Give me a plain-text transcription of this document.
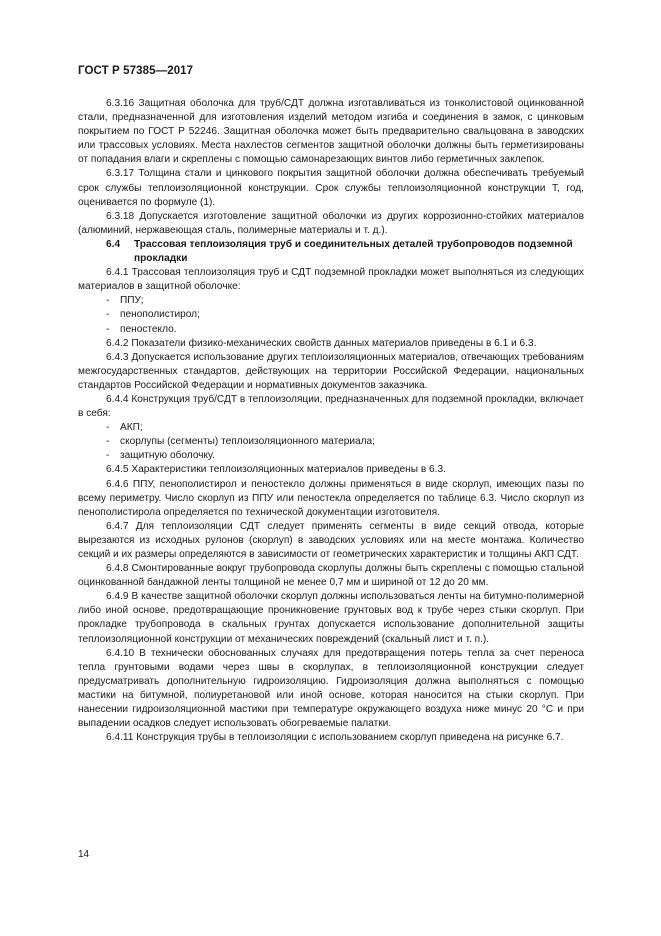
ГОСТ Р 57385—2017

6.3.16 Защитная оболочка для труб/СДТ должна изготавливаться из тонколистовой оцинкованной стали, предназначенной для изготовления изделий методом изгиба и соединения в замок, с цинковым покрытием по ГОСТ Р 52246. Защитная оболочка может быть предварительно свальцована в заводских или трассовых условиях. Места нахлестов сегментов защитной оболочки должны быть герметизированы от попадания влаги и скреплены с помощью самонарезающих винтов либо герметичных заклепок.

6.3.17 Толщина стали и цинкового покрытия защитной оболочки должна обеспечивать требуемый срок службы теплоизоляционной конструкции. Срок службы теплоизоляционной конструкции Т, год, оценивается по формуле (1).

6.3.18 Допускается изготовление защитной оболочки из других коррозионно-стойких материалов (алюминий, нержавеющая сталь, полимерные материалы и т. д.).

6.4 Трассовая теплоизоляция труб и соединительных деталей трубопроводов подземной прокладки

6.4.1 Трассовая теплоизоляция труб и СДТ подземной прокладки может выполняться из следующих материалов в защитной оболочке:

- ППУ;

- пенополистирол;

- пеностекло.

6.4.2 Показатели физико-механических свойств данных материалов приведены в 6.1 и 6.3.

6.4.3 Допускается использование других теплоизоляционных материалов, отвечающих требованиям межгосударственных стандартов, действующих на территории Российской Федерации, национальных стандартов Российской Федерации и нормативных документов заказчика.

6.4.4 Конструкция труб/СДТ в теплоизоляции, предназначенных для подземной прокладки, включает в себя:

- АКП;

- скорлупы (сегменты) теплоизоляционного материала;

- защитную оболочку.

6.4.5 Характеристики теплоизоляционных материалов приведены в 6.3.

6.4.6 ППУ, пенополистирол и пеностекло должны применяться в виде скорлуп, имеющих пазы по всему периметру. Число скорлуп из ППУ или пеностекла определяется по таблице 6.3. Число скорлуп из пенополистирола определяется по технической документации изготовителя.

6.4.7 Для теплоизоляции СДТ следует применять сегменты в виде секций отвода, которые вырезаются из исходных рулонов (скорлуп) в заводских условиях или на месте монтажа. Количество секций и их размеры определяются в зависимости от геометрических характеристик и толщины АКП СДТ.

6.4.8 Смонтированные вокруг трубопровода скорлупы должны быть скреплены с помощью стальной оцинкованной бандажной ленты толщиной не менее 0,7 мм и шириной от 12 до 20 мм.

6.4.9 В качестве защитной оболочки скорлуп должны использоваться ленты на битумно-полимерной либо иной основе, предотвращающие проникновение грунтовых вод к трубе через стыки скорлуп. При прокладке трубопровода в скальных грунтах допускается использование дополнительной защиты теплоизоляционной конструкции от механических повреждений (скальный лист и т. п.).

6.4.10 В технически обоснованных случаях для предотвращения потерь тепла за счет переноса тепла грунтовыми водами через швы в скорлупах, в теплоизоляционной конструкции следует предусматривать дополнительную гидроизоляцию. Гидроизоляция должна выполняться с помощью мастики на битумной, полиуретановой или иной основе, которая наносится на стыки скорлуп. При нанесении гидроизоляционной мастики при температуре окружающего воздуха ниже минус 20 °С и при выпадении осадков следует использовать обогреваемые палатки.

6.4.11 Конструкция трубы в теплоизоляции с использованием скорлуп приведена на рисунке 6.7.

14
